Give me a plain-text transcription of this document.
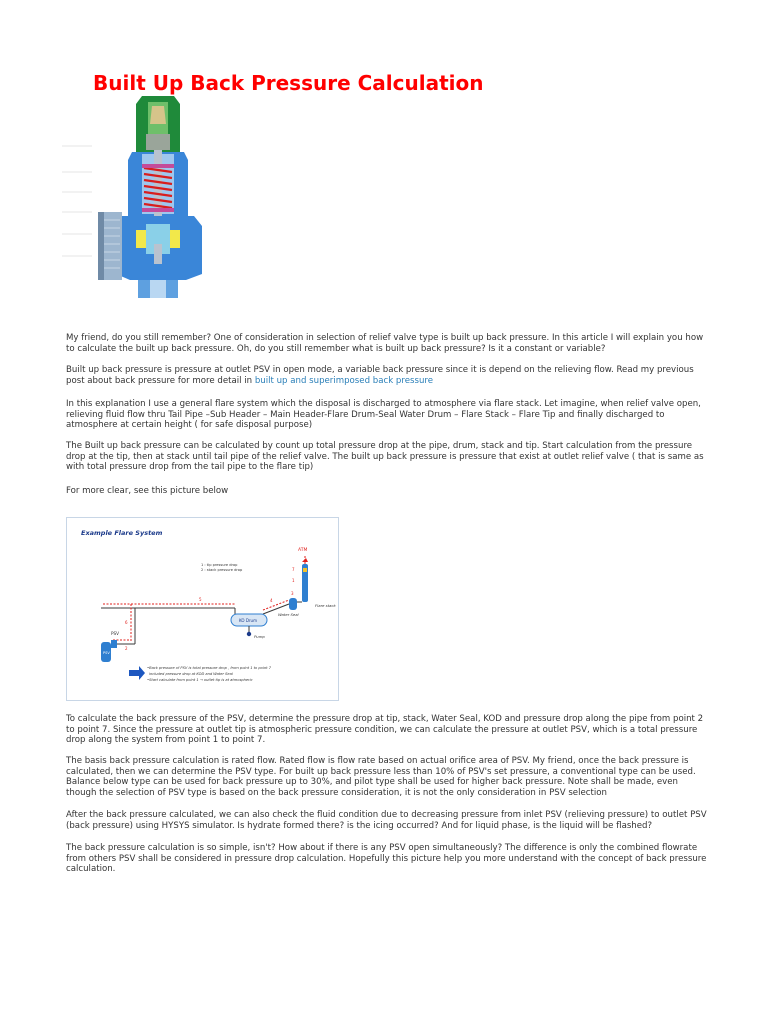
Built Up Back Pressure Calculation

My friend, do you still remember? One of consideration in selection of relief valve type is built up back pressure. In this article I will explain you how to calculate the built up back pressure. Oh, do you still remember what is built up back pressure? Is it a constant or variable?

Built up back pressure is pressure at outlet PSV in open mode, a variable back pressure since it is depend on the relieving flow. Read my previous post about back pressure for more detail in built up and superimposed back pressure

In this explanation I use a general flare system which the disposal is discharged to atmosphere via flare stack. Let imagine, when relief valve open, relieving fluid flow thru Tail Pipe –Sub Header – Main Header-Flare Drum-Seal Water Drum – Flare Stack – Flare Tip and finally discharged to atmosphere at certain height ( for safe disposal purpose)

The Built up back pressure can be calculated by count up total pressure drop at the pipe, drum, stack and tip. Start calculation from the pressure drop at the tip, then at stack until tail pipe of the relief valve. The built up back pressure is pressure that exist at outlet relief valve ( that is same as with total pressure drop from the tail pipe to the flare tip)

For more clear, see this picture below

Example Flare System
1 : tip pressure drop
2 : stack pressure drop
ATM
Flare stack
7
1
Water Seal
3
5	4
KO Drum
Pump
6
2
PSV
PSV
•Back pressure of PSV is total pressure drop , from point 1 to point 7
included pressure drop at KOD and Water Seal
•Start calculate from point 1 → outlet tip is at atmospheric

To calculate the back pressure of the PSV, determine the pressure drop at tip, stack, Water Seal, KOD and pressure drop along the pipe from point 2 to point 7. Since the pressure at outlet tip is atmospheric pressure condition, we can calculate the pressure at outlet PSV, which is a total pressure drop along the system from point 1 to point 7.

The basis back pressure calculation is rated flow. Rated flow is flow rate based on actual orifice area of PSV. My friend, once the back pressure is calculated, then we can determine the PSV type. For built up back pressure less than 10% of PSV's set pressure, a conventional type can be used. Balance below type can be used for back pressure up to 30%, and pilot type shall be used for higher back pressure. Note shall be made, even though the selection of PSV type is based on the back pressure consideration, it is not the only consideration in PSV selection

After the back pressure calculated, we can also check the fluid condition due to decreasing pressure from inlet PSV (relieving pressure) to outlet PSV (back pressure) using HYSYS simulator. Is hydrate formed there? is the icing occurred? And for liquid phase, is the liquid will be flashed?

The back pressure calculation is so simple, isn't? How about if there is any PSV open simultaneously? The difference is only the combined flowrate from others PSV shall be considered in pressure drop calculation. Hopefully this picture help you more understand with the concept of back pressure calculation.
